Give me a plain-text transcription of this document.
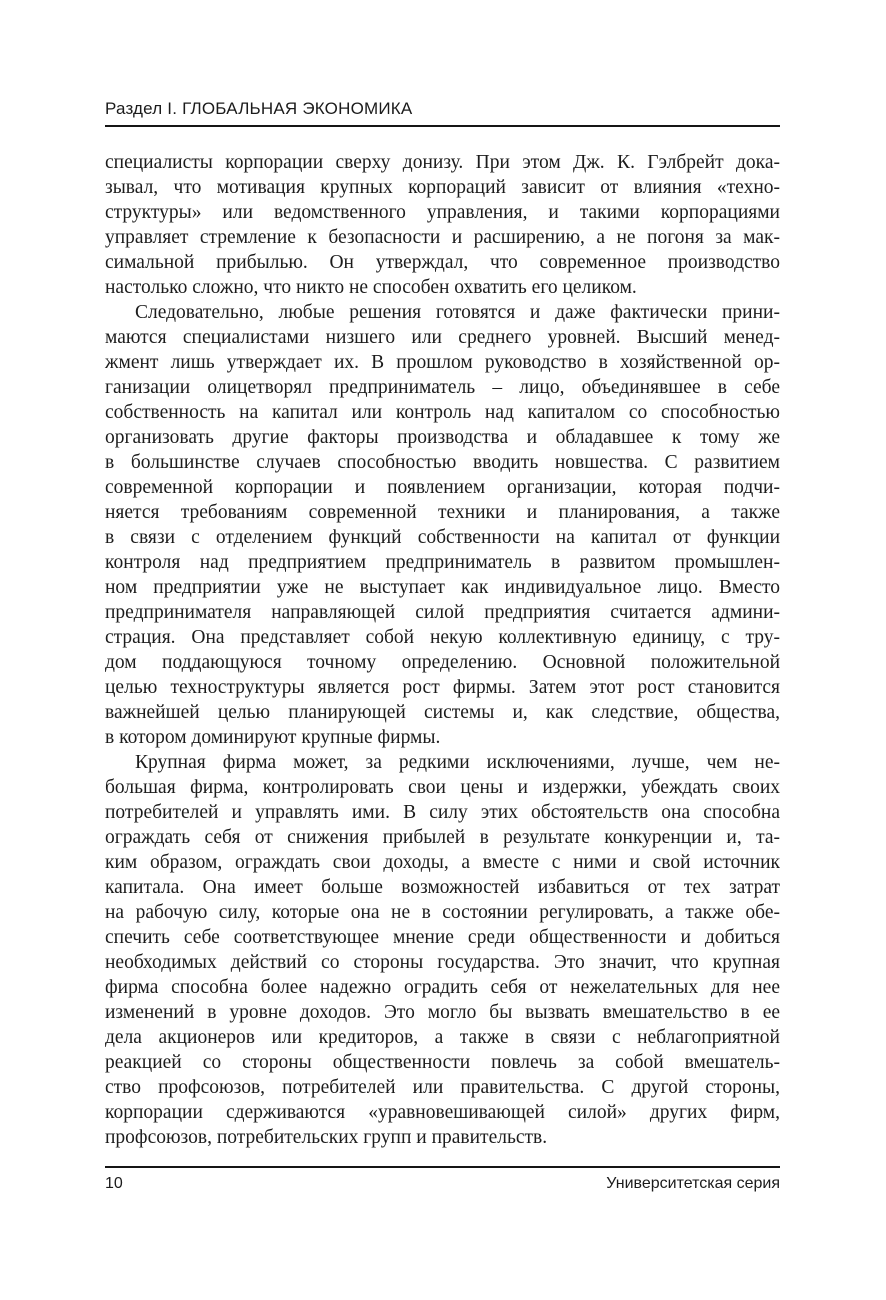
Раздел I. ГЛОБАЛЬНАЯ ЭКОНОМИКА
специалисты корпорации сверху донизу. При этом Дж. К. Гэлбрейт дока-
зывал, что мотивация крупных корпораций зависит от влияния «техно-
структуры» или ведомственного управления, и такими корпорациями
управляет стремление к безопасности и расширению, а не погоня за мак-
симальной прибылью. Он утверждал, что современное производство
настолько сложно, что никто не способен охватить его целиком.
Следовательно, любые решения готовятся и даже фактически прини-
маются специалистами низшего или среднего уровней. Высший менед-
жмент лишь утверждает их. В прошлом руководство в хозяйственной ор-
ганизации олицетворял предприниматель – лицо, объединявшее в себе
собственность на капитал или контроль над капиталом со способностью
организовать другие факторы производства и обладавшее к тому же
в большинстве случаев способностью вводить новшества. С развитием
современной корпорации и появлением организации, которая подчи-
няется требованиям современной техники и планирования, а также
в связи с отделением функций собственности на капитал от функции
контроля над предприятием предприниматель в развитом промышлен-
ном предприятии уже не выступает как индивидуальное лицо. Вместо
предпринимателя направляющей силой предприятия считается админи-
страция. Она представляет собой некую коллективную единицу, с тру-
дом поддающуюся точному определению. Основной положительной
целью техноструктуры является рост фирмы. Затем этот рост становится
важнейшей целью планирующей системы и, как следствие, общества,
в котором доминируют крупные фирмы.
Крупная фирма может, за редкими исключениями, лучше, чем не-
большая фирма, контролировать свои цены и издержки, убеждать своих
потребителей и управлять ими. В силу этих обстоятельств она способна
ограждать себя от снижения прибылей в результате конкуренции и, та-
ким образом, ограждать свои доходы, а вместе с ними и свой источник
капитала. Она имеет больше возможностей избавиться от тех затрат
на рабочую силу, которые она не в состоянии регулировать, а также обе-
спечить себе соответствующее мнение среди общественности и добиться
необходимых действий со стороны государства. Это значит, что крупная
фирма способна более надежно оградить себя от нежелательных для нее
изменений в уровне доходов. Это могло бы вызвать вмешательство в ее
дела акционеров или кредиторов, а также в связи с неблагоприятной
реакцией со стороны общественности повлечь за собой вмешатель-
ство профсоюзов, потребителей или правительства. С другой стороны,
корпорации сдерживаются «уравновешивающей силой» других фирм,
профсоюзов, потребительских групп и правительств.
10	Университетская серия
